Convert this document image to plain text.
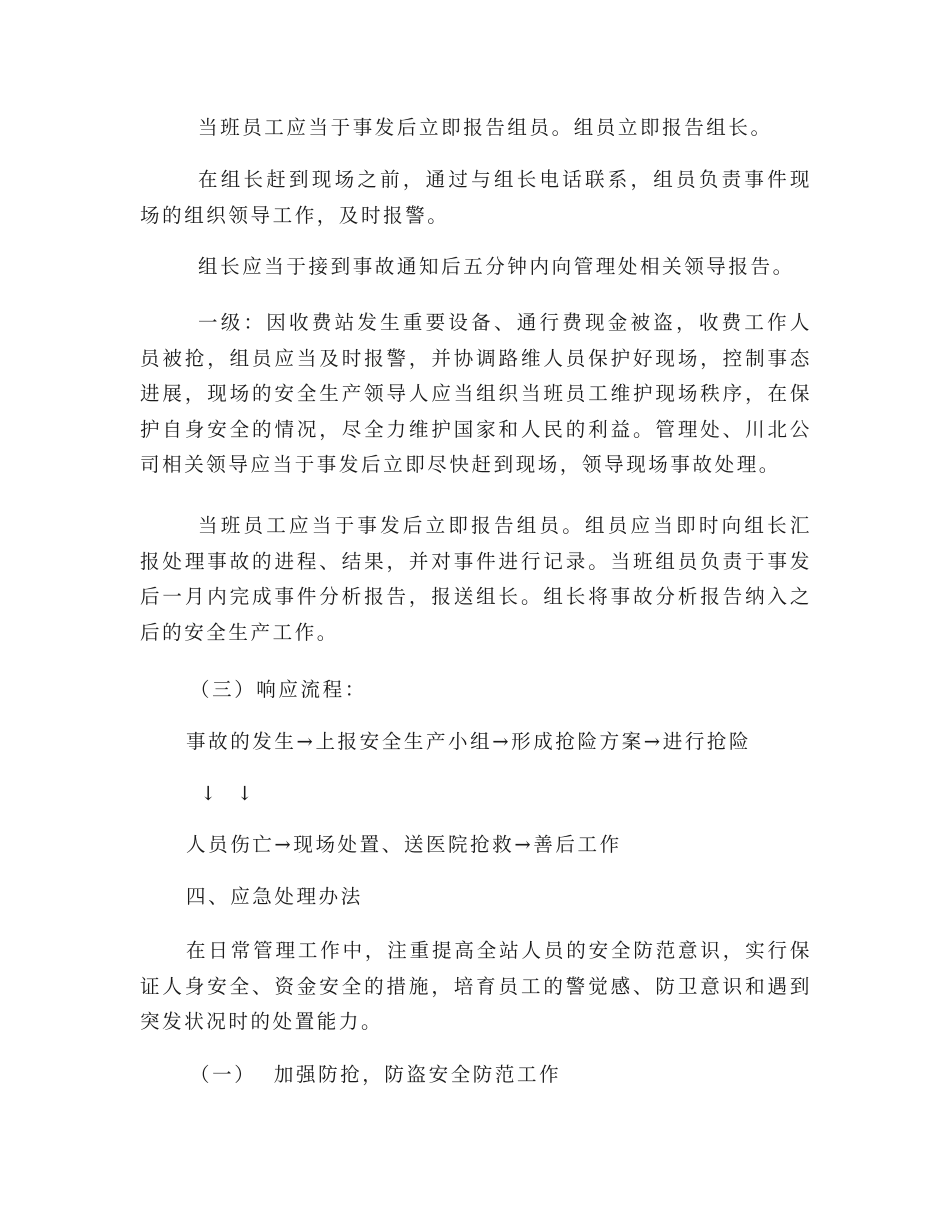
当班员工应当于事发后立即报告组员。组员立即报告组长。
在组长赶到现场之前，通过与组长电话联系，组员负责事件现场的组织领导工作，及时报警。
组长应当于接到事故通知后五分钟内向管理处相关领导报告。
一级：因收费站发生重要设备、通行费现金被盗，收费工作人员被抢，组员应当及时报警，并协调路维人员保护好现场，控制事态进展，现场的安全生产领导人应当组织当班员工维护现场秩序，在保护自身安全的情况，尽全力维护国家和人民的利益。管理处、川北公司相关领导应当于事发后立即尽快赶到现场，领导现场事故处理。
当班员工应当于事发后立即报告组员。组员应当即时向组长汇报处理事故的进程、结果，并对事件进行记录。当班组员负责于事发后一月内完成事件分析报告，报送组长。组长将事故分析报告纳入之后的安全生产工作。
（三）响应流程：
事故的发生→上报安全生产小组→形成抢险方案→进行抢险
↓  ↓
人员伤亡→现场处置、送医院抢救→善后工作
四、应急处理办法
在日常管理工作中，注重提高全站人员的安全防范意识，实行保证人身安全、资金安全的措施，培育员工的警觉感、防卫意识和遇到突发状况时的处置能力。
（一）  加强防抢，防盗安全防范工作
